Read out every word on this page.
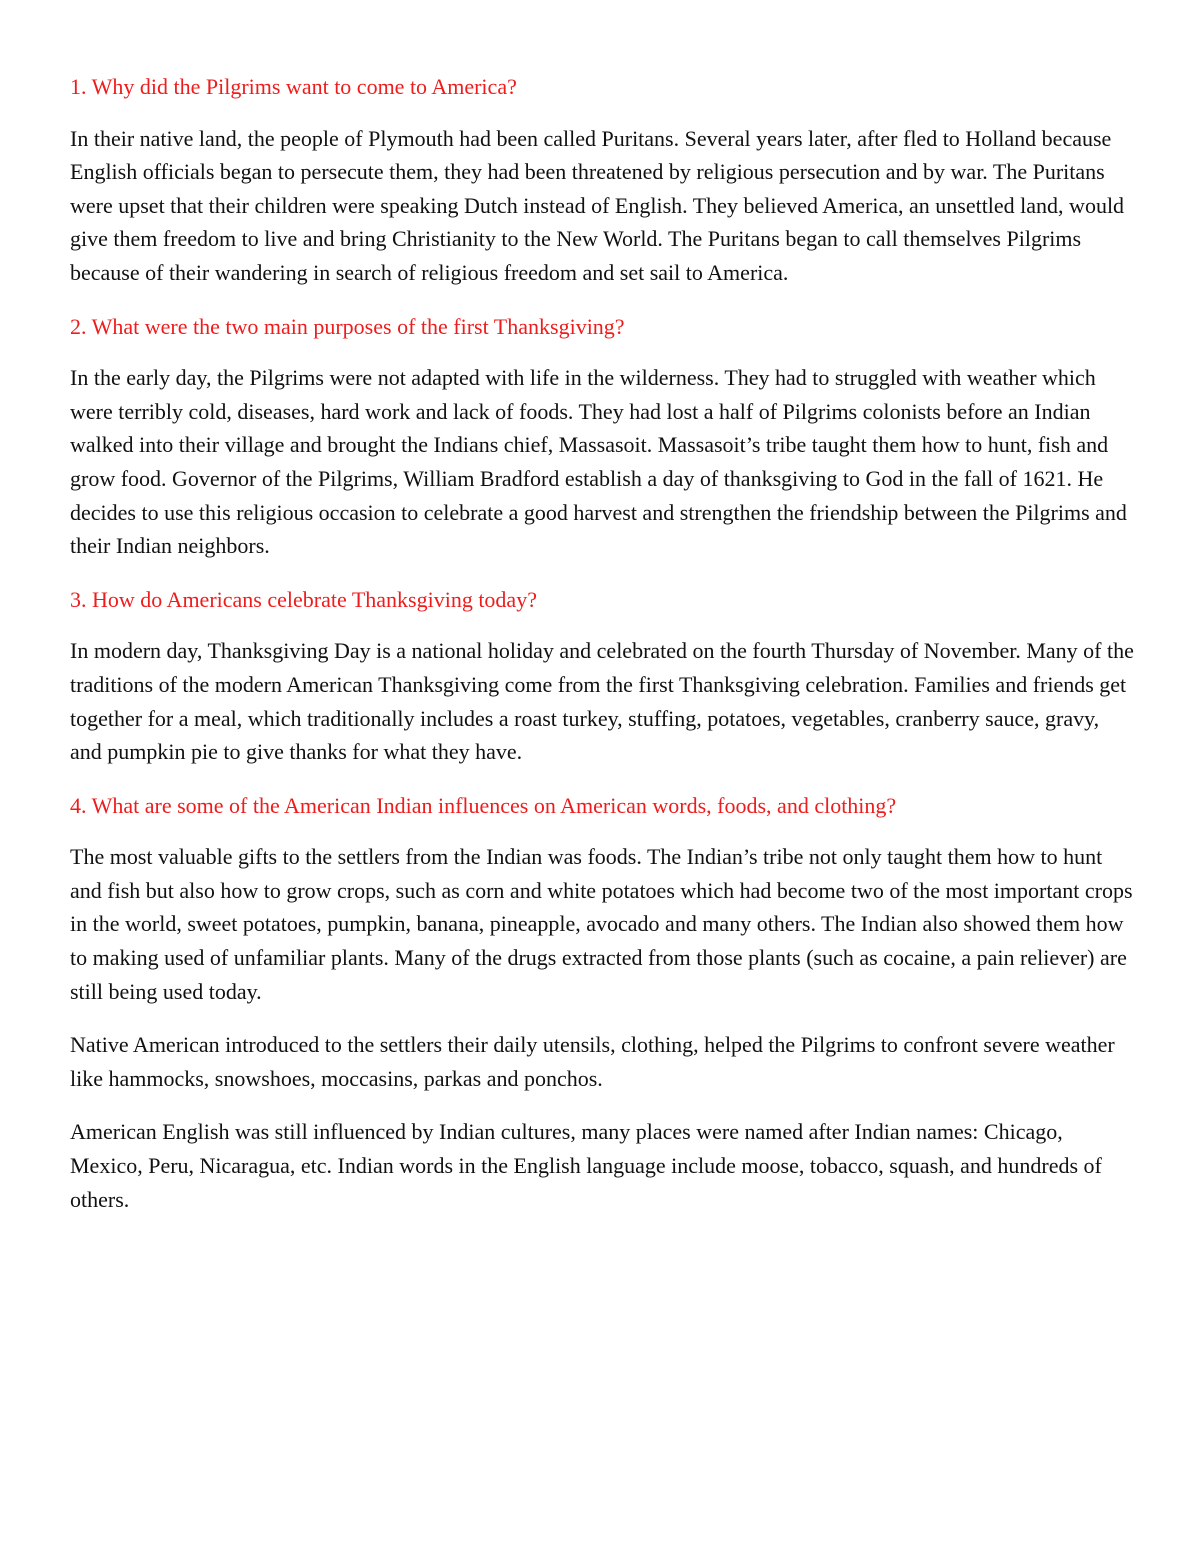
1. Why did the Pilgrims want to come to America?

In their native land, the people of Plymouth had been called Puritans. Several years later, after fled to Holland because English officials began to persecute them, they had been threatened by religious persecution and by war. The Puritans were upset that their children were speaking Dutch instead of English. They believed America, an unsettled land, would give them freedom to live and bring Christianity to the New World. The Puritans began to call themselves Pilgrims because of their wandering in search of religious freedom and set sail to America.

2. What were the two main purposes of the first Thanksgiving?

In the early day, the Pilgrims were not adapted with life in the wilderness. They had to struggled with weather which were terribly cold, diseases, hard work and lack of foods. They had lost a half of Pilgrims colonists before an Indian walked into their village and brought the Indians chief, Massasoit. Massasoit’s tribe taught them how to hunt, fish and grow food. Governor of the Pilgrims, William Bradford establish a day of thanksgiving to God in the fall of 1621. He decides to use this religious occasion to celebrate a good harvest and strengthen the friendship between the Pilgrims and their Indian neighbors.

3. How do Americans celebrate Thanksgiving today?

In modern day, Thanksgiving Day is a national holiday and celebrated on the fourth Thursday of November. Many of the traditions of the modern American Thanksgiving come from the first Thanksgiving celebration. Families and friends get together for a meal, which traditionally includes a roast turkey, stuffing, potatoes, vegetables, cranberry sauce, gravy, and pumpkin pie to give thanks for what they have.

4. What are some of the American Indian influences on American words, foods, and clothing?

The most valuable gifts to the settlers from the Indian was foods. The Indian’s tribe not only taught them how to hunt and fish but also how to grow crops, such as corn and white potatoes which had become two of the most important crops in the world, sweet potatoes, pumpkin, banana, pineapple, avocado and many others. The Indian also showed them how to making used of unfamiliar plants. Many of the drugs extracted from those plants (such as cocaine, a pain reliever) are still being used today.

Native American introduced to the settlers their daily utensils, clothing, helped the Pilgrims to confront severe weather like hammocks, snowshoes, moccasins, parkas and ponchos.

American English was still influenced by Indian cultures, many places were named after Indian names: Chicago, Mexico, Peru, Nicaragua, etc. Indian words in the English language include moose, tobacco, squash, and hundreds of others.
